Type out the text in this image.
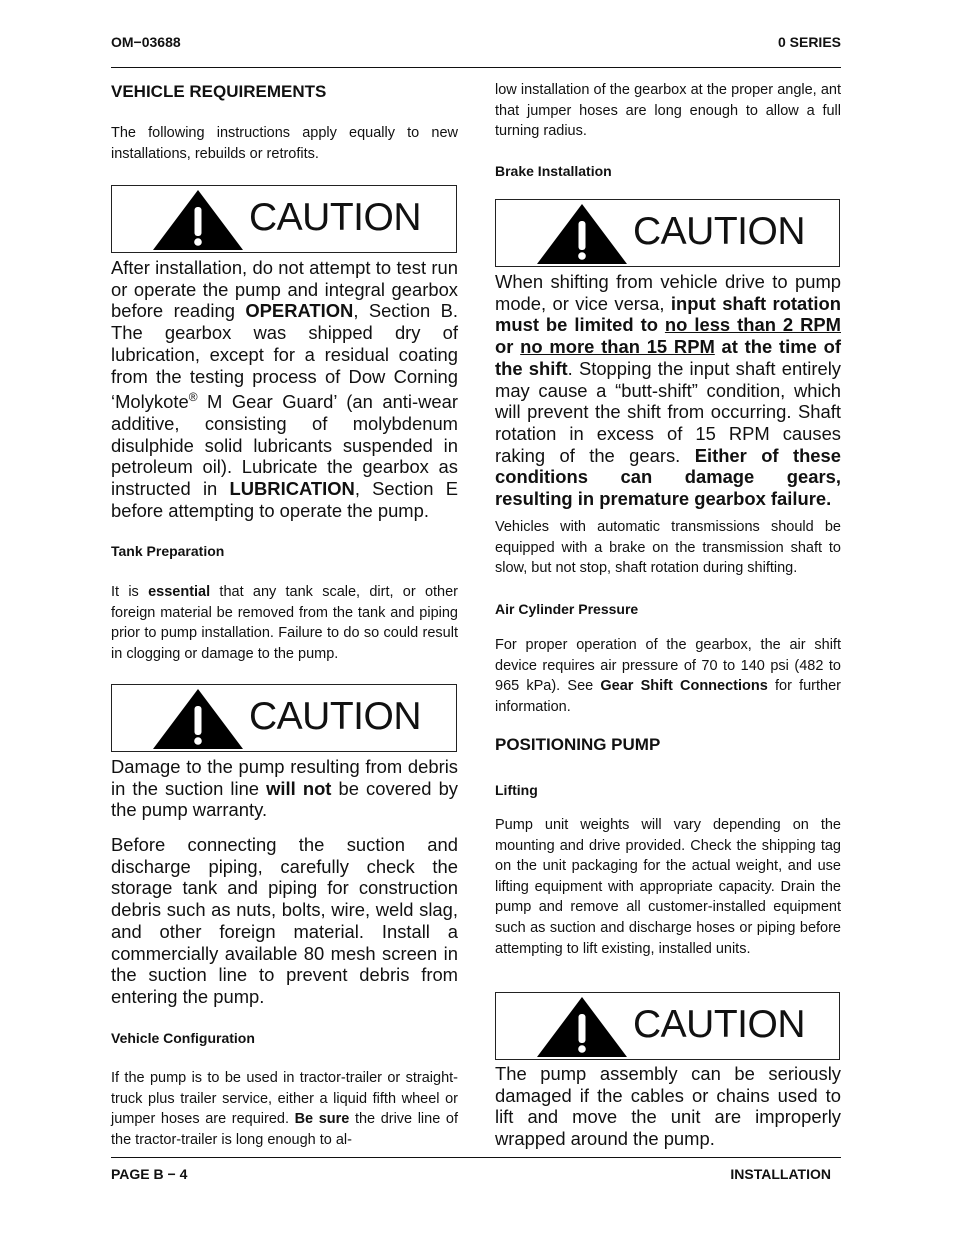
OM−03688	0 SERIES
VEHICLE REQUIREMENTS

The following instructions apply equally to new installations, rebuilds or retrofits.

CAUTION

After installation, do not attempt to test run or operate the pump and integral gearbox before reading OPERATION, Section B. The gearbox was shipped dry of lubrication, except for a residual coating from the testing process of Dow Corning ‘Molykote® M Gear Guard’ (an anti-wear additive, consisting of molybdenum disulphide solid lubricants suspended in petroleum oil). Lubricate the gearbox as instructed in LUBRICATION, Section E before attempting to operate the pump.

Tank Preparation

It is essential that any tank scale, dirt, or other foreign material be removed from the tank and piping prior to pump installation. Failure to do so could result in clogging or damage to the pump.

CAUTION

Damage to the pump resulting from debris in the suction line will not be covered by the pump warranty.

Before connecting the suction and discharge piping, carefully check the storage tank and piping for construction debris such as nuts, bolts, wire, weld slag, and other foreign material. Install a commercially available 80 mesh screen in the suction line to prevent debris from entering the pump.

Vehicle Configuration

If the pump is to be used in tractor-trailer or straight-truck plus trailer service, either a liquid fifth wheel or jumper hoses are required. Be sure the drive line of the tractor-trailer is long enough to al-

low installation of the gearbox at the proper angle, ant that jumper hoses are long enough to allow a full turning radius.

Brake Installation
CAUTION

When shifting from vehicle drive to pump mode, or vice versa, input shaft rotation must be limited to no less than 2 RPM or no more than 15 RPM at the time of the shift. Stopping the input shaft entirely may cause a “butt-shift” condition, which will prevent the shift from occurring. Shaft rotation in excess of 15 RPM causes raking of the gears. Either of these conditions can damage gears, resulting in premature gearbox failure.

Vehicles with automatic transmissions should be equipped with a brake on the transmission shaft to slow, but not stop, shaft rotation during shifting.

Air Cylinder Pressure

For proper operation of the gearbox, the air shift device requires air pressure of 70 to 140 psi (482 to 965 kPa). See Gear Shift Connections for further information.

POSITIONING PUMP
Lifting

Pump unit weights will vary depending on the mounting and drive provided. Check the shipping tag on the unit packaging for the actual weight, and use lifting equipment with appropriate capacity. Drain the pump and remove all customer-installed equipment such as suction and discharge hoses or piping before attempting to lift existing, installed units.

CAUTION

The pump assembly can be seriously damaged if the cables or chains used to lift and move the unit are improperly wrapped around the pump.

PAGE B − 4	INSTALLATION
